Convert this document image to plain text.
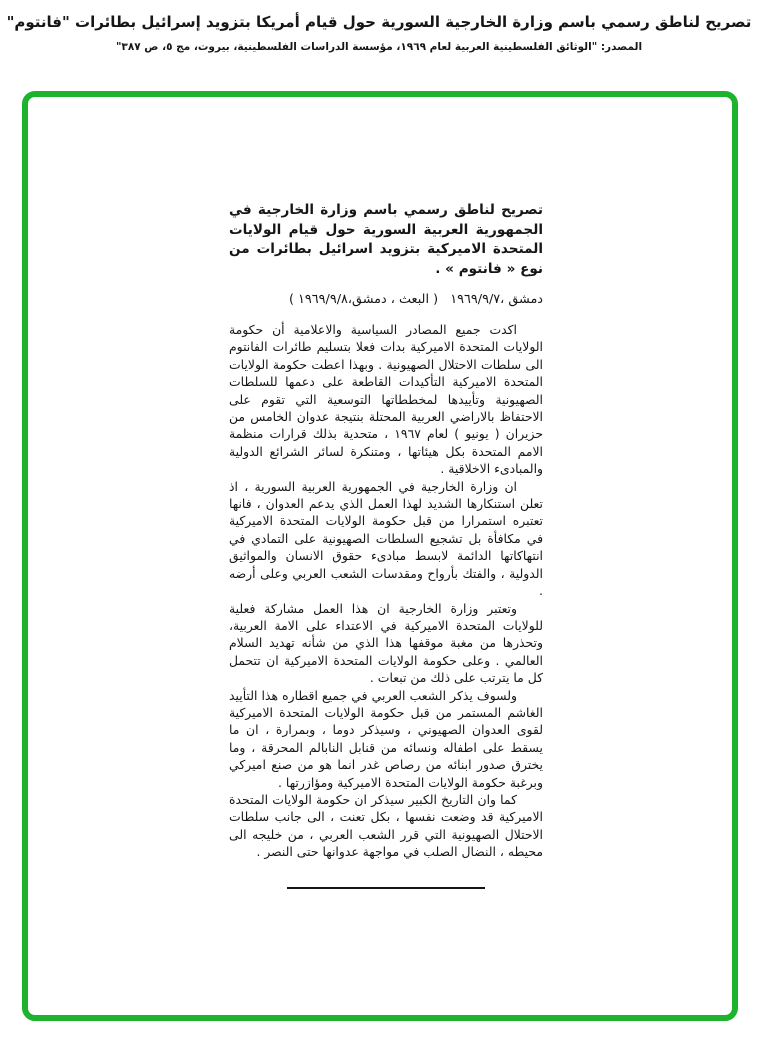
تصريح لناطق رسمي باسم وزارة الخارجية السورية حول قيام أمريكا بتزويد إسرائيل بطائرات "فانتوم"
المصدر: "الوثائق الفلسطينية العربية لعام ١٩٦٩، مؤسسة الدراسات الفلسطينية، بيروت، مج ٥، ص ٣٨٧"
تصريح لناطق رسمي باسم وزارة الخارجية في الجمهورية العربية السورية حول قيام الولايات المتحدة الاميركية بتزويد اسرائيل بطائرات من نوع « فانتوم » .
دمشق ،١٩٦٩/٩/٧   ( البعث ، دمشق،١٩٦٩/٩/٨ )

اكدت جميع المصادر السياسية والاعلامية أن حكومة الولايات المتحدة الاميركية بدات فعلا بتسليم طائرات الفانتوم الى سلطات الاحتلال الصهيونية . وبهذا اعطت حكومة الولايات المتحدة الاميركية التأكيدات القاطعة على دعمها للسلطات الصهيونية وتأييدها لمخططاتها التوسعية التي تقوم على الاحتفاظ بالاراضي العربية المحتلة بنتيجة عدوان الخامس من حزيران ( يونيو ) لعام ١٩٦٧ ، متحدية بذلك قرارات منظمة الامم المتحدة بكل هيئاتها ، ومتنكرة لسائر الشرائع الدولية والمبادىء الاخلاقية .

ان وزارة الخارجية في الجمهورية العربية السورية ، اذ تعلن استنكارها الشديد لهذا العمل الذي يدعم العدوان ، فانها تعتبره استمرارا من قبل حكومة الولايات المتحدة الاميركية في مكافأة بل تشجيع السلطات الصهيونية على التمادي في انتهاكاتها الدائمة لابسط مبادىء حقوق الانسان والمواثيق الدولية ، والفتك بأرواح ومقدسات الشعب العربي وعلى أرضه .

وتعتبر وزارة الخارجية ان هذا العمل مشاركة فعلية للولايات المتحدة الاميركية في الاعتداء على الامة العربية، وتحذرها من مغبة موقفها هذا الذي من شأنه تهديد السلام العالمي . وعلى حكومة الولايات المتحدة الاميركية ان تتحمل كل ما يترتب على ذلك من تبعات .

ولسوف يذكر الشعب العربي في جميع اقطاره هذا التأييد الغاشم المستمر من قبل حكومة الولايات المتحدة الاميركية لقوى العدوان الصهيوني ، وسيذكر دوما ، وبمرارة ، ان ما يسقط على اطفاله ونسائه من قنابل النابالم المحرقة ، وما يخترق صدور ابنائه من رصاص غدر انما هو من صنع اميركي وبرغبة حكومة الولايات المتحدة الاميركية ومؤازرتها .

كما وان التاريخ الكبير سيذكر ان حكومة الولايات المتحدة الاميركية قد وضعت نفسها ، بكل تعنت ، الى جانب سلطات الاحتلال الصهيونية التي قرر الشعب العربي ، من خليجه الى محيطه ، النضال الصلب في مواجهة عدوانها حتى النصر .
